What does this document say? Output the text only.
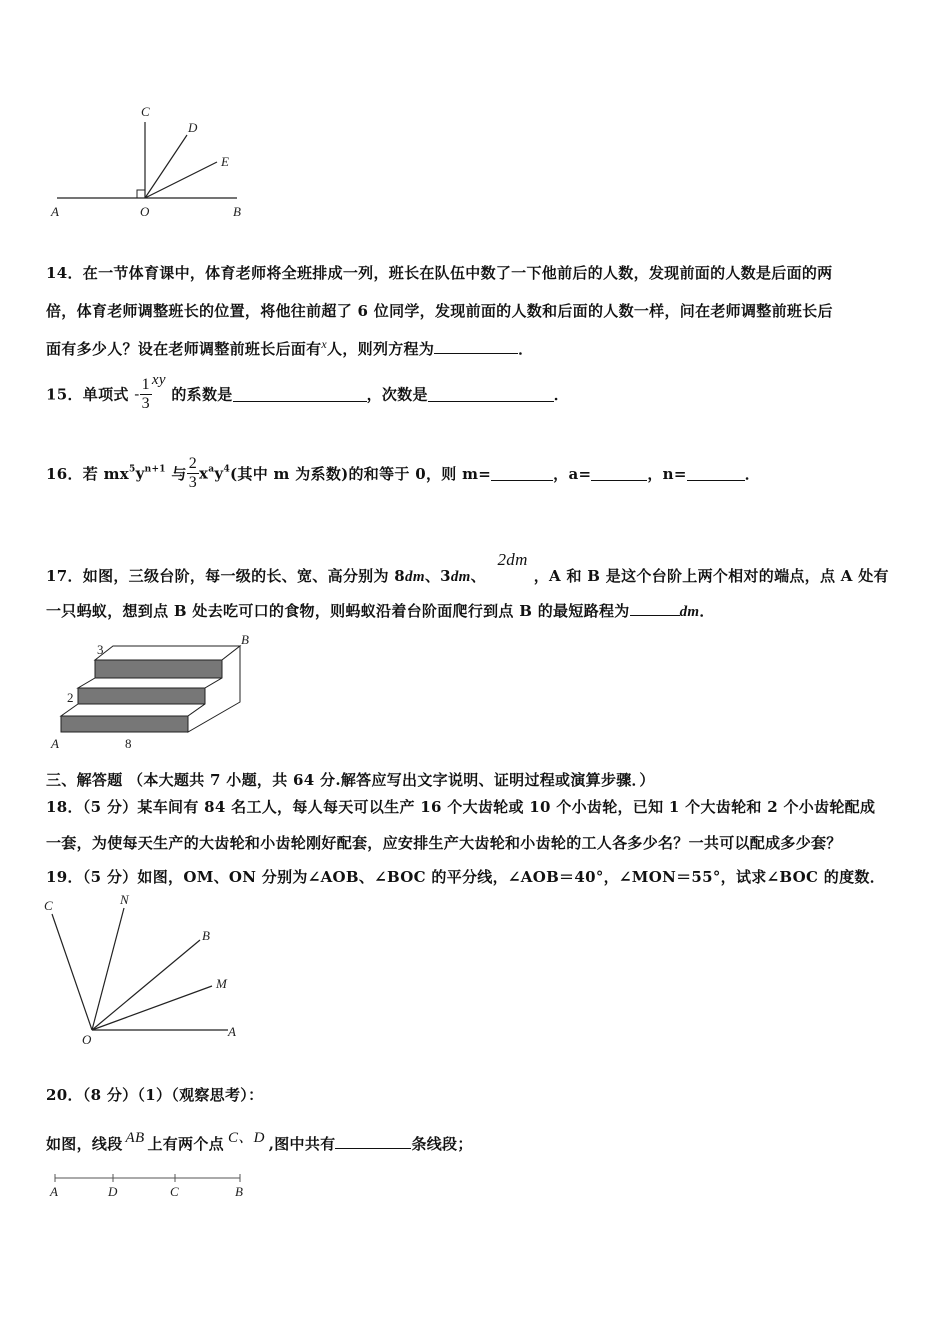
A	O	B
C
D
E
14．在一节体育课中，体育老师将全班排成一列，班长在队伍中数了一下他前后的人数，发现前面的人数是后面的两
倍，体育老师调整班长的位置，将他往前超了 6 位同学，发现前面的人数和后面的人数一样，问在老师调整前班长后
面有多少人？设在老师调整前班长后面有$^x$人，则列方程为	．
15．单项式 - $\frac{1}{3}$ xy 的系数是	，次数是	．
16．若 $mx^5y^{n+1}$ 与 $\frac{2}{3} x^ay^4$(其中 m 为系数)的和等于 0，则 m=	，a=	，n=	．
17．如图，三级台阶，每一级的长、宽、高分别为 8dm、3dm、 2dm，A 和 B 是这个台阶上两个相对的端点，点 A 处有
一只蚂蚁，想到点 B 处去吃可口的食物，则蚂蚁沿着台阶面爬行到点 B 的最短路程为	dm．
3
2
8
A
B
三、解答题 （本大题共 7 小题，共 64 分.解答应写出文字说明、证明过程或演算步骤．）
18．（5 分）某车间有 84 名工人，每人每天可以生产 16 个大齿轮或 10 个小齿轮，已知 1 个大齿轮和 2 个小齿轮配成
一套，为使每天生产的大齿轮和小齿轮刚好配套，应安排生产大齿轮和小齿轮的工人各多少名？一共可以配成多少套？
19．（5 分）如图，OM、ON 分别为∠AOB、∠BOC 的平分线，∠AOB＝40°，∠MON＝55°，试求∠BOC 的度数．
C	N
B
M
A
O
20．（8 分）（1）（观察思考）：
如图，线段 AB 上有两个点 C、D ,图中共有	条线段；
A	D	C	B
